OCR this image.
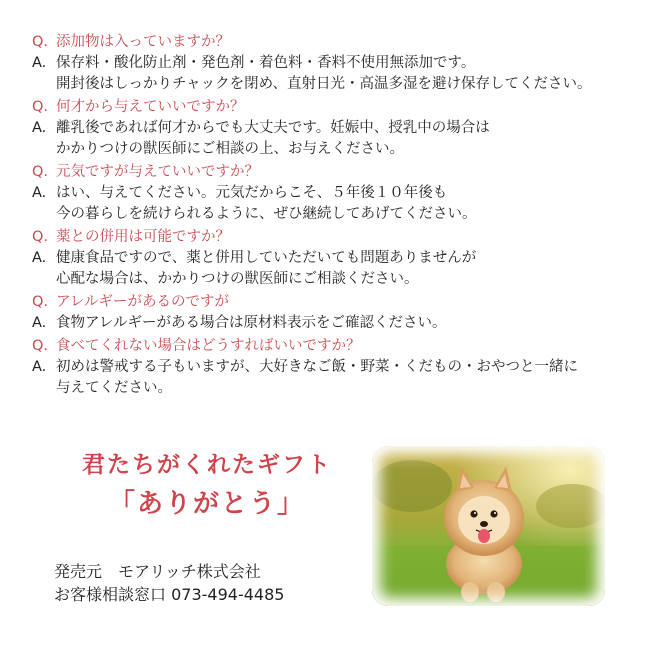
Q. 添加物は入っていますか？
A. 保存料・酸化防止剤・発色剤・着色料・香料不使用無添加です。
開封後はしっかりチャックを閉め、直射日光・高温多湿を避け保存してください。
Q. 何才から与えていいですか？
A. 離乳後であれば何才からでも大丈夫です。妊娠中、授乳中の場合は
かかりつけの獣医師にご相談の上、お与えください。
Q. 元気ですが与えていいですか？
A. はい、与えてください。元気だからこそ、５年後１０年後も
今の暮らしを続けられるように、ぜひ継続してあげてください。
Q. 薬との併用は可能ですか？
A. 健康食品ですので、薬と併用していただいても問題ありませんが
心配な場合は、かかりつけの獣医師にご相談ください。
Q. アレルギーがあるのですが
A. 食物アレルギーがある場合は原材料表示をご確認ください。
Q. 食べてくれない場合はどうすればいいですか？
A. 初めは警戒する子もいますが、大好きなご飯・野菜・くだもの・おやつと一緒に
与えてください。
君たちがくれたギフト
「ありがとう」
発売元　モアリッチ株式会社
お客様相談窓口 073-494-4485
